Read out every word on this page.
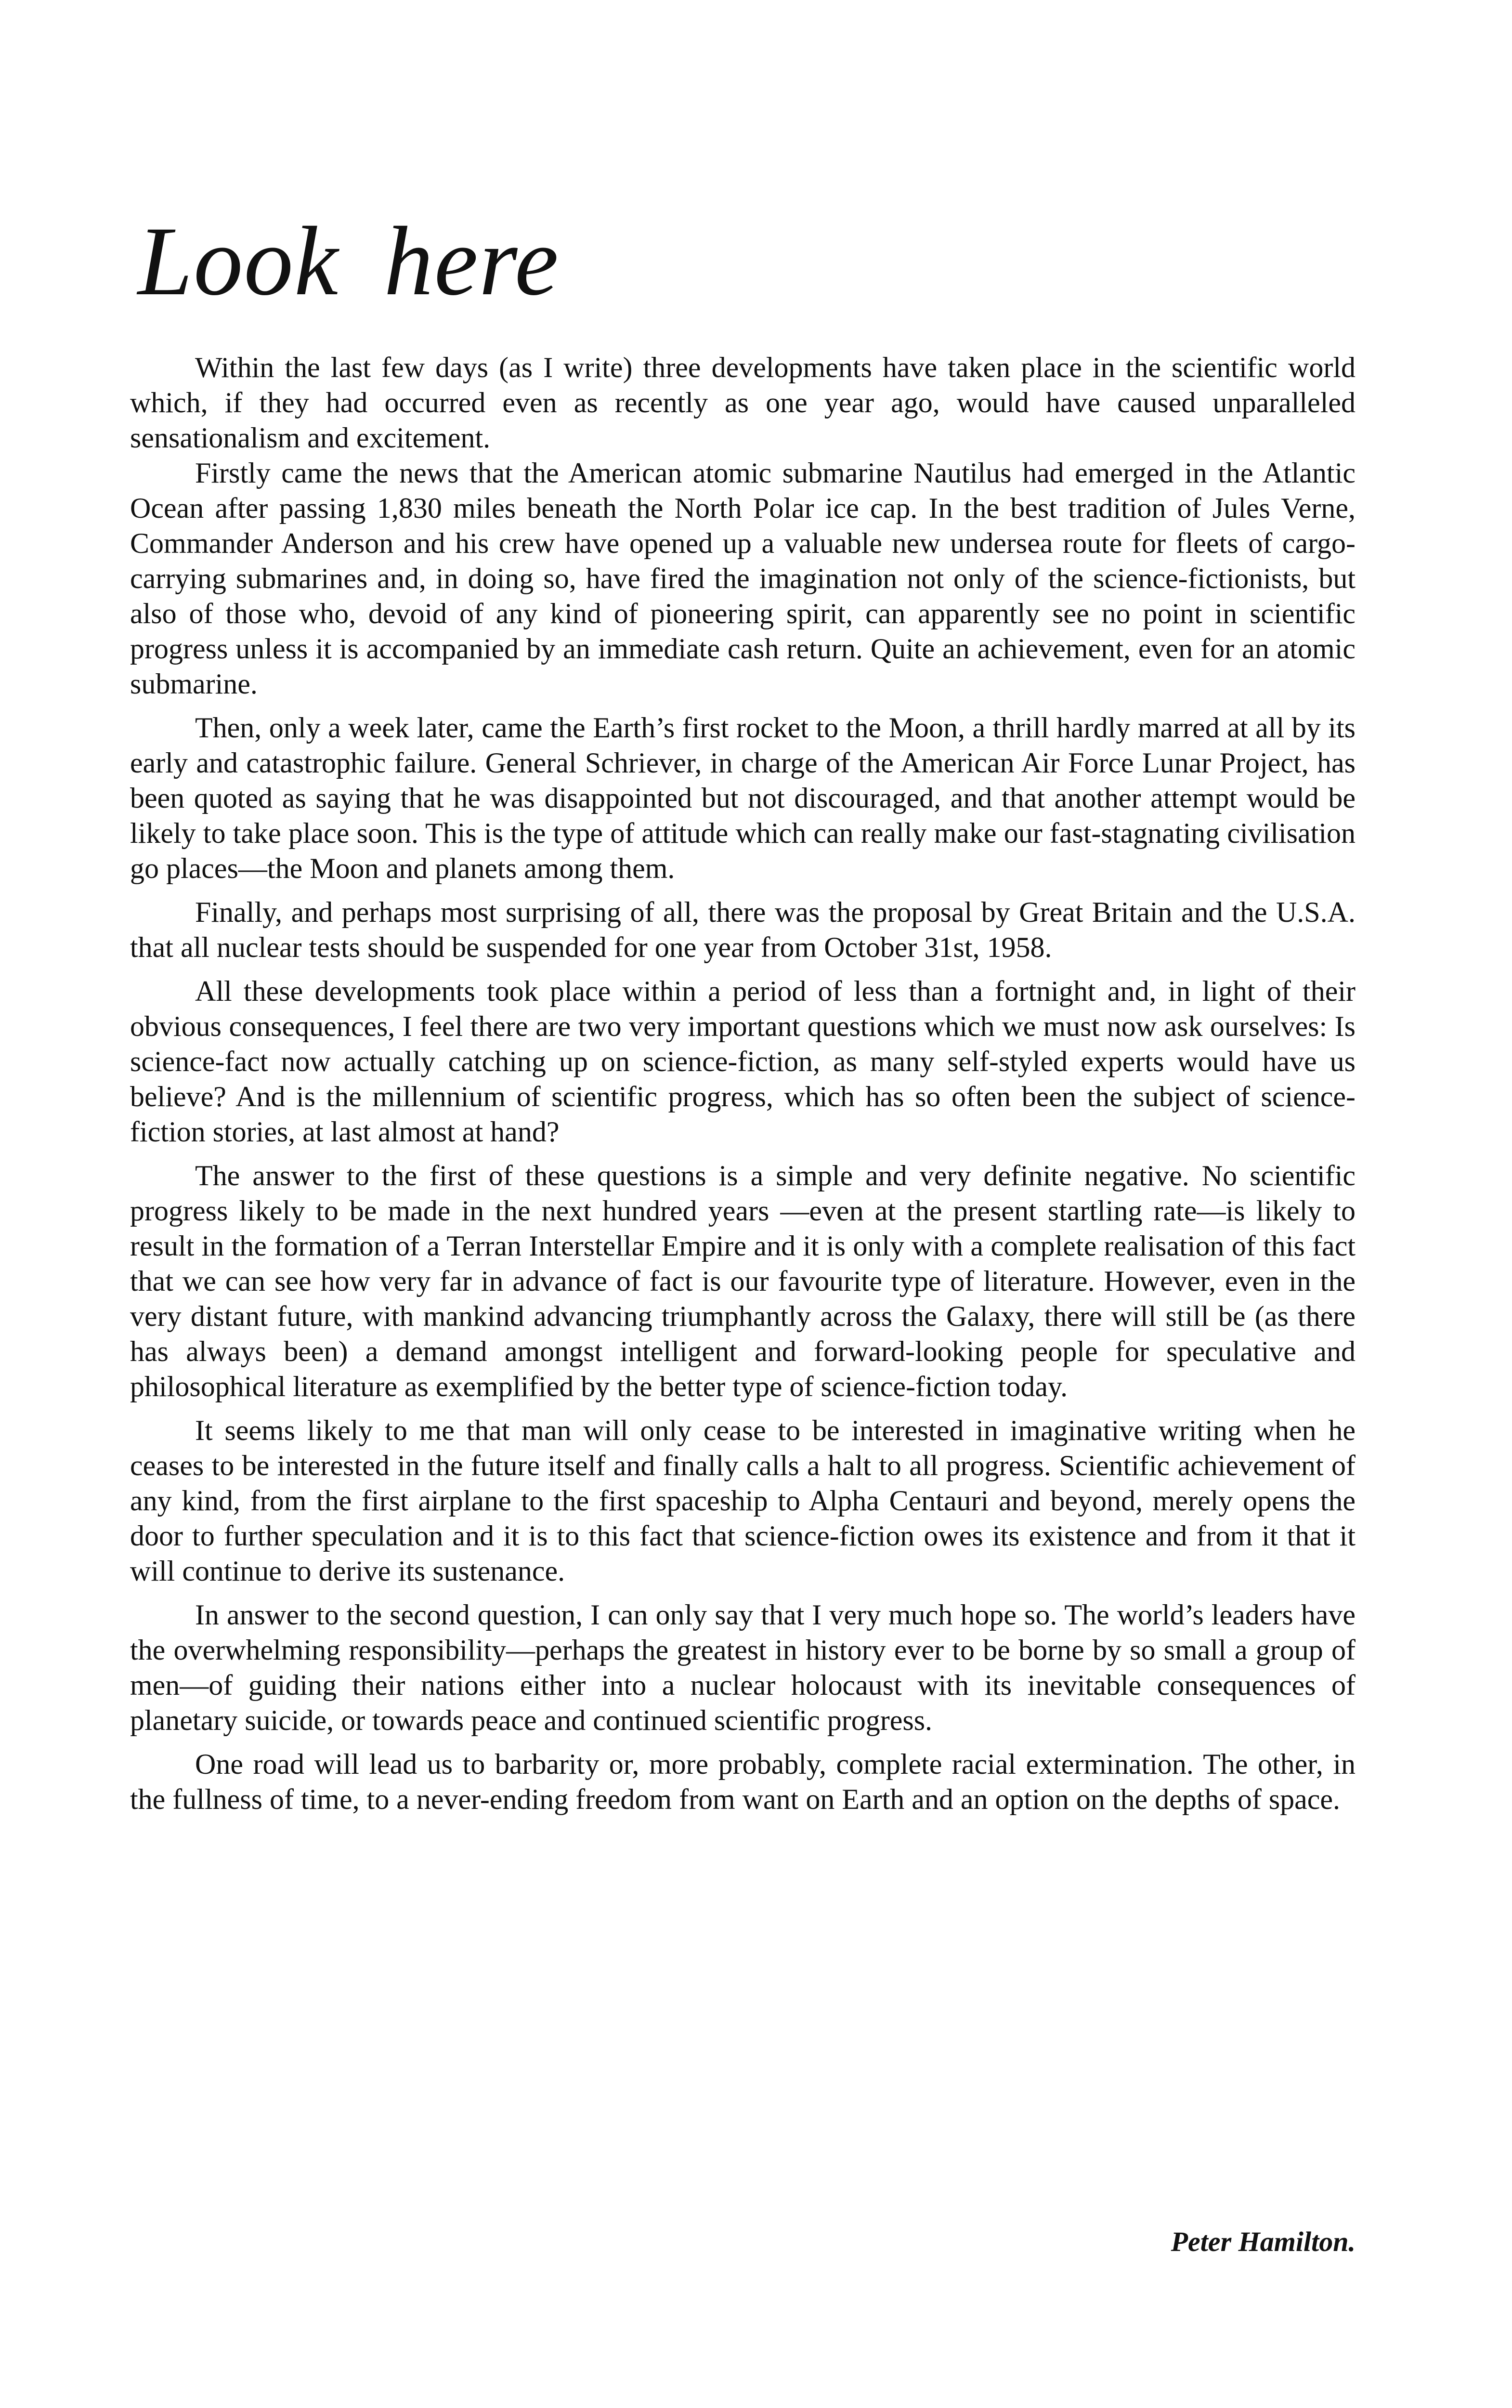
Look here

Within the last few days (as I write) three developments have taken place in the scientific world which, if they had occurred even as recently as one year ago, would have caused unparalleled sensationalism and excitement.

Firstly came the news that the American atomic submarine Nautilus had emerged in the Atlantic Ocean after passing 1,830 miles beneath the North Polar ice cap. In the best tradition of Jules Verne, Commander Anderson and his crew have opened up a valuable new undersea route for fleets of cargo-carrying submarines and, in doing so, have fired the imagination not only of the science-fictionists, but also of those who, devoid of any kind of pioneering spirit, can apparently see no point in scientific progress unless it is accompanied by an immediate cash return. Quite an achievement, even for an atomic submarine.

Then, only a week later, came the Earth’s first rocket to the Moon, a thrill hardly marred at all by its early and catastrophic failure. General Schriever, in charge of the American Air Force Lunar Project, has been quoted as saying that he was disappointed but not discouraged, and that another attempt would be likely to take place soon. This is the type of attitude which can really make our fast-stagnating civilisation go places—the Moon and planets among them.

Finally, and perhaps most surprising of all, there was the proposal by Great Britain and the U.S.A. that all nuclear tests should be suspended for one year from October 31st, 1958.

All these developments took place within a period of less than a fortnight and, in light of their obvious consequences, I feel there are two very important questions which we must now ask ourselves: Is science-fact now actually catching up on science-fiction, as many self-styled experts would have us believe? And is the millennium of scientific progress, which has so often been the subject of science-fiction stories, at last almost at hand?

The answer to the first of these questions is a simple and very definite negative. No scientific progress likely to be made in the next hundred years —even at the present startling rate—is likely to result in the formation of a Terran Interstellar Empire and it is only with a complete realisation of this fact that we can see how very far in advance of fact is our favourite type of literature. However, even in the very distant future, with mankind advancing triumphantly across the Galaxy, there will still be (as there has always been) a demand amongst intelligent and forward-looking people for speculative and philosophical literature as exemplified by the better type of science-fiction today.

It seems likely to me that man will only cease to be interested in imaginative writing when he ceases to be interested in the future itself and finally calls a halt to all progress. Scientific achievement of any kind, from the first airplane to the first spaceship to Alpha Centauri and beyond, merely opens the door to further speculation and it is to this fact that science-fiction owes its existence and from it that it will continue to derive its sustenance.

In answer to the second question, I can only say that I very much hope so. The world’s leaders have the overwhelming responsibility—perhaps the greatest in history ever to be borne by so small a group of men—of guiding their nations either into a nuclear holocaust with its inevitable consequences of planetary suicide, or towards peace and continued scientific progress.

One road will lead us to barbarity or, more probably, complete racial extermination. The other, in the fullness of time, to a never-ending freedom from want on Earth and an option on the depths of space.

Peter Hamilton.
